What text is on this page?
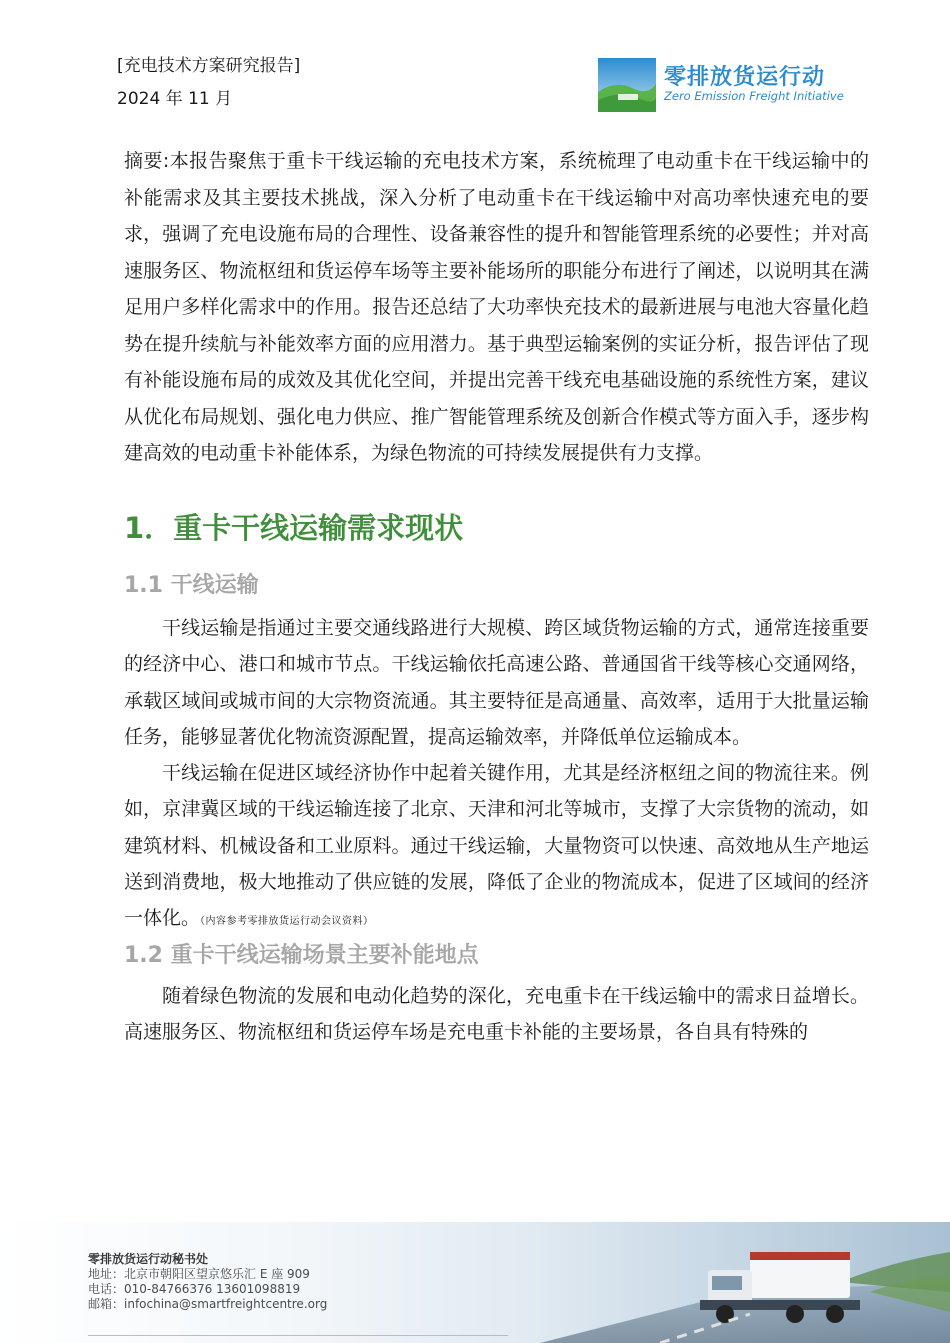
[充电技术方案研究报告]
2024 年 11 月
零排放货运行动
Zero Emission Freight Initiative
摘要:本报告聚焦于重卡干线运输的充电技术方案，系统梳理了电动重卡在干线运输中的补能需求及其主要技术挑战，深入分析了电动重卡在干线运输中对高功率快速充电的要求，强调了充电设施布局的合理性、设备兼容性的提升和智能管理系统的必要性；并对高速服务区、物流枢纽和货运停车场等主要补能场所的职能分布进行了阐述，以说明其在满足用户多样化需求中的作用。报告还总结了大功率快充技术的最新进展与电池大容量化趋势在提升续航与补能效率方面的应用潜力。基于典型运输案例的实证分析，报告评估了现有补能设施布局的成效及其优化空间，并提出完善干线充电基础设施的系统性方案，建议从优化布局规划、强化电力供应、推广智能管理系统及创新合作模式等方面入手，逐步构建高效的电动重卡补能体系，为绿色物流的可持续发展提供有力支撑。
1．重卡干线运输需求现状
1.1 干线运输
干线运输是指通过主要交通线路进行大规模、跨区域货物运输的方式，通常连接重要的经济中心、港口和城市节点。干线运输依托高速公路、普通国省干线等核心交通网络，承载区域间或城市间的大宗物资流通。其主要特征是高通量、高效率，适用于大批量运输任务，能够显著优化物流资源配置，提高运输效率，并降低单位运输成本。
干线运输在促进区域经济协作中起着关键作用，尤其是经济枢纽之间的物流往来。例如，京津冀区域的干线运输连接了北京、天津和河北等城市，支撑了大宗货物的流动，如建筑材料、机械设备和工业原料。通过干线运输，大量物资可以快速、高效地从生产地运送到消费地，极大地推动了供应链的发展，降低了企业的物流成本，促进了区域间的经济一体化。（内容参考零排放货运行动会议资料）
1.2 重卡干线运输场景主要补能地点
随着绿色物流的发展和电动化趋势的深化，充电重卡在干线运输中的需求日益增长。高速服务区、物流枢纽和货运停车场是充电重卡补能的主要场景，各自具有特殊的
零排放货运行动秘书处
地址：北京市朝阳区望京悠乐汇 E 座 909
电话：010-84766376 13601098819
邮箱：infochina@smartfreightcentre.org
